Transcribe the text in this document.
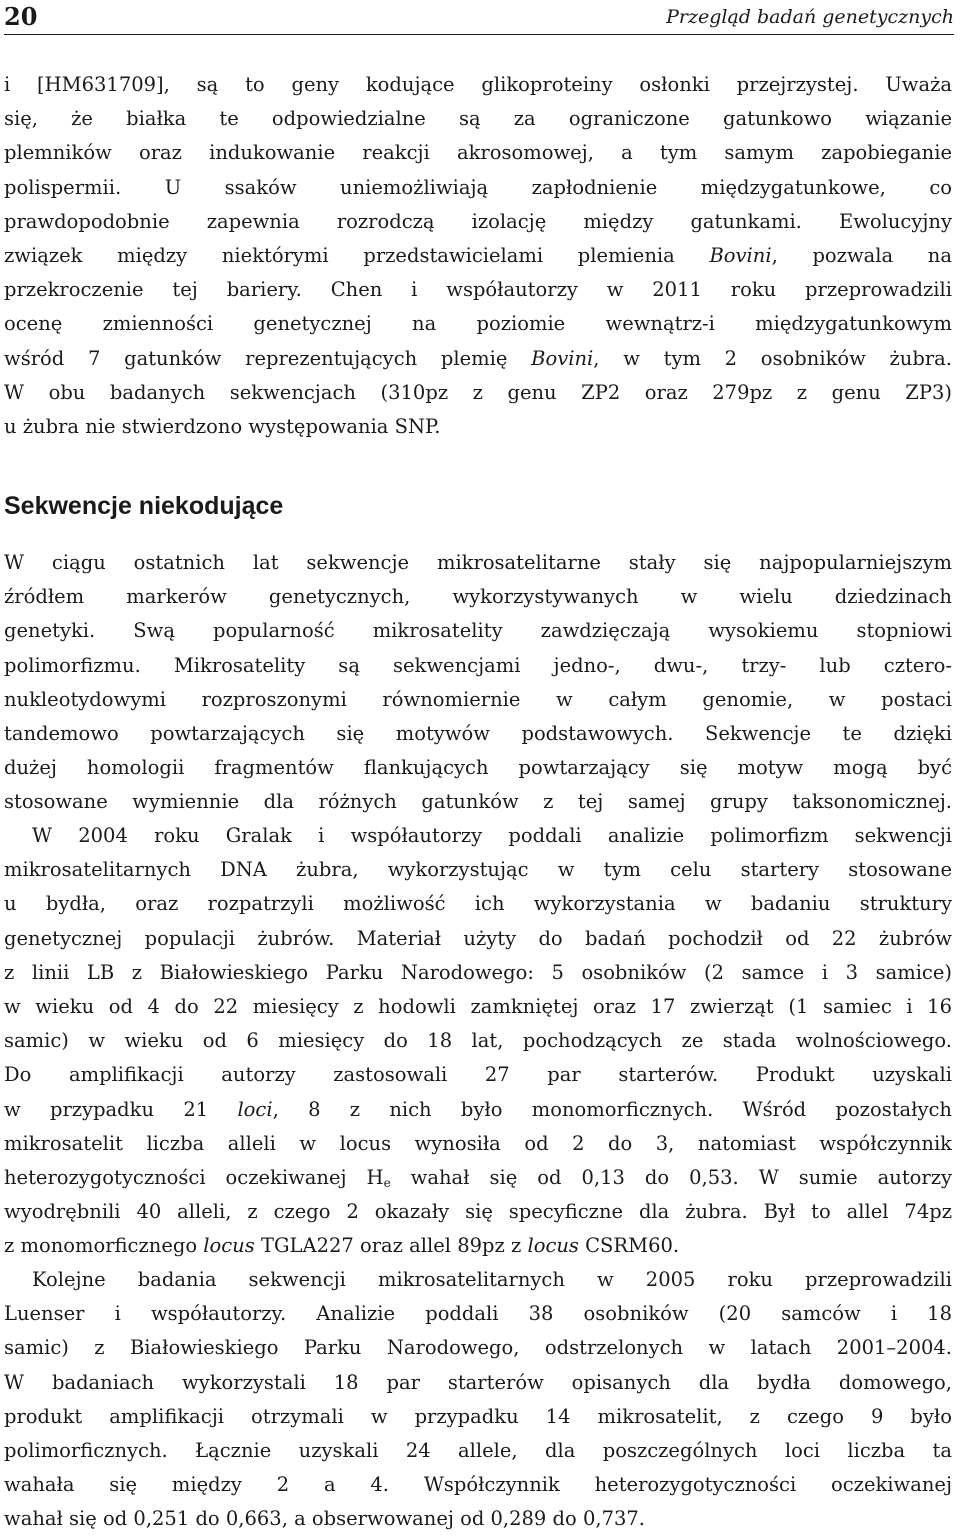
20	Przegląd badań genetycznych
i [HM631709], są to geny kodujące glikoproteiny osłonki przejrzystej. Uważa
się, że białka te odpowiedzialne są za ograniczone gatunkowo wiązanie
plemników oraz indukowanie reakcji akrosomowej, a tym samym zapobieganie
polispermii. U ssaków uniemożliwiają zapłodnienie międzygatunkowe, co
prawdopodobnie zapewnia rozrodczą izolację między gatunkami. Ewolucyjny
związek między niektórymi przedstawicielami plemienia Bovini, pozwala na
przekroczenie tej bariery. Chen i współautorzy w 2011 roku przeprowadzili
ocenę zmienności genetycznej na poziomie wewnątrz-i międzygatunkowym
wśród 7 gatunków reprezentujących plemię Bovini, w tym 2 osobników żubra.
W obu badanych sekwencjach (310pz z genu ZP2 oraz 279pz z genu ZP3)
u żubra nie stwierdzono występowania SNP.
Sekwencje niekodujące
W ciągu ostatnich lat sekwencje mikrosatelitarne stały się najpopularniejszym
źródłem markerów genetycznych, wykorzystywanych w wielu dziedzinach
genetyki. Swą popularność mikrosatelity zawdzięczają wysokiemu stopniowi
polimorfizmu. Mikrosatelity są sekwencjami jedno-, dwu-, trzy- lub cztero-
nukleotydowymi rozproszonymi równomiernie w całym genomie, w postaci
tandemowo powtarzających się motywów podstawowych. Sekwencje te dzięki
dużej homologii fragmentów flankujących powtarzający się motyw mogą być
stosowane wymiennie dla różnych gatunków z tej samej grupy taksonomicznej.
W 2004 roku Gralak i współautorzy poddali analizie polimorfizm sekwencji
mikrosatelitarnych DNA żubra, wykorzystując w tym celu startery stosowane
u bydła, oraz rozpatrzyli możliwość ich wykorzystania w badaniu struktury
genetycznej populacji żubrów. Materiał użyty do badań pochodził od 22 żubrów
z linii LB z Białowieskiego Parku Narodowego: 5 osobników (2 samce i 3 samice)
w wieku od 4 do 22 miesięcy z hodowli zamkniętej oraz 17 zwierząt (1 samiec i 16
samic) w wieku od 6 miesięcy do 18 lat, pochodzących ze stada wolnościowego.
Do amplifikacji autorzy zastosowali 27 par starterów. Produkt uzyskali
w przypadku 21 loci, 8 z nich było monomorficznych. Wśród pozostałych
mikrosatelit liczba alleli w locus wynosiła od 2 do 3, natomiast współczynnik
heterozygotyczności oczekiwanej $H_e$ wahał się od 0,13 do 0,53. W sumie autorzy
wyodrębnili 40 alleli, z czego 2 okazały się specyficzne dla żubra. Był to allel 74pz
z monomorficznego locus TGLA227 oraz allel 89pz z locus CSRM60.
Kolejne badania sekwencji mikrosatelitarnych w 2005 roku przeprowadzili
Luenser i współautorzy. Analizie poddali 38 osobników (20 samców i 18
samic) z Białowieskiego Parku Narodowego, odstrzelonych w latach 2001–2004.
W badaniach wykorzystali 18 par starterów opisanych dla bydła domowego,
produkt amplifikacji otrzymali w przypadku 14 mikrosatelit, z czego 9 było
polimorficznych. Łącznie uzyskali 24 allele, dla poszczególnych loci liczba ta
wahała się między 2 a 4. Współczynnik heterozygotyczności oczekiwanej
wahał się od 0,251 do 0,663, a obserwowanej od 0,289 do 0,737.
